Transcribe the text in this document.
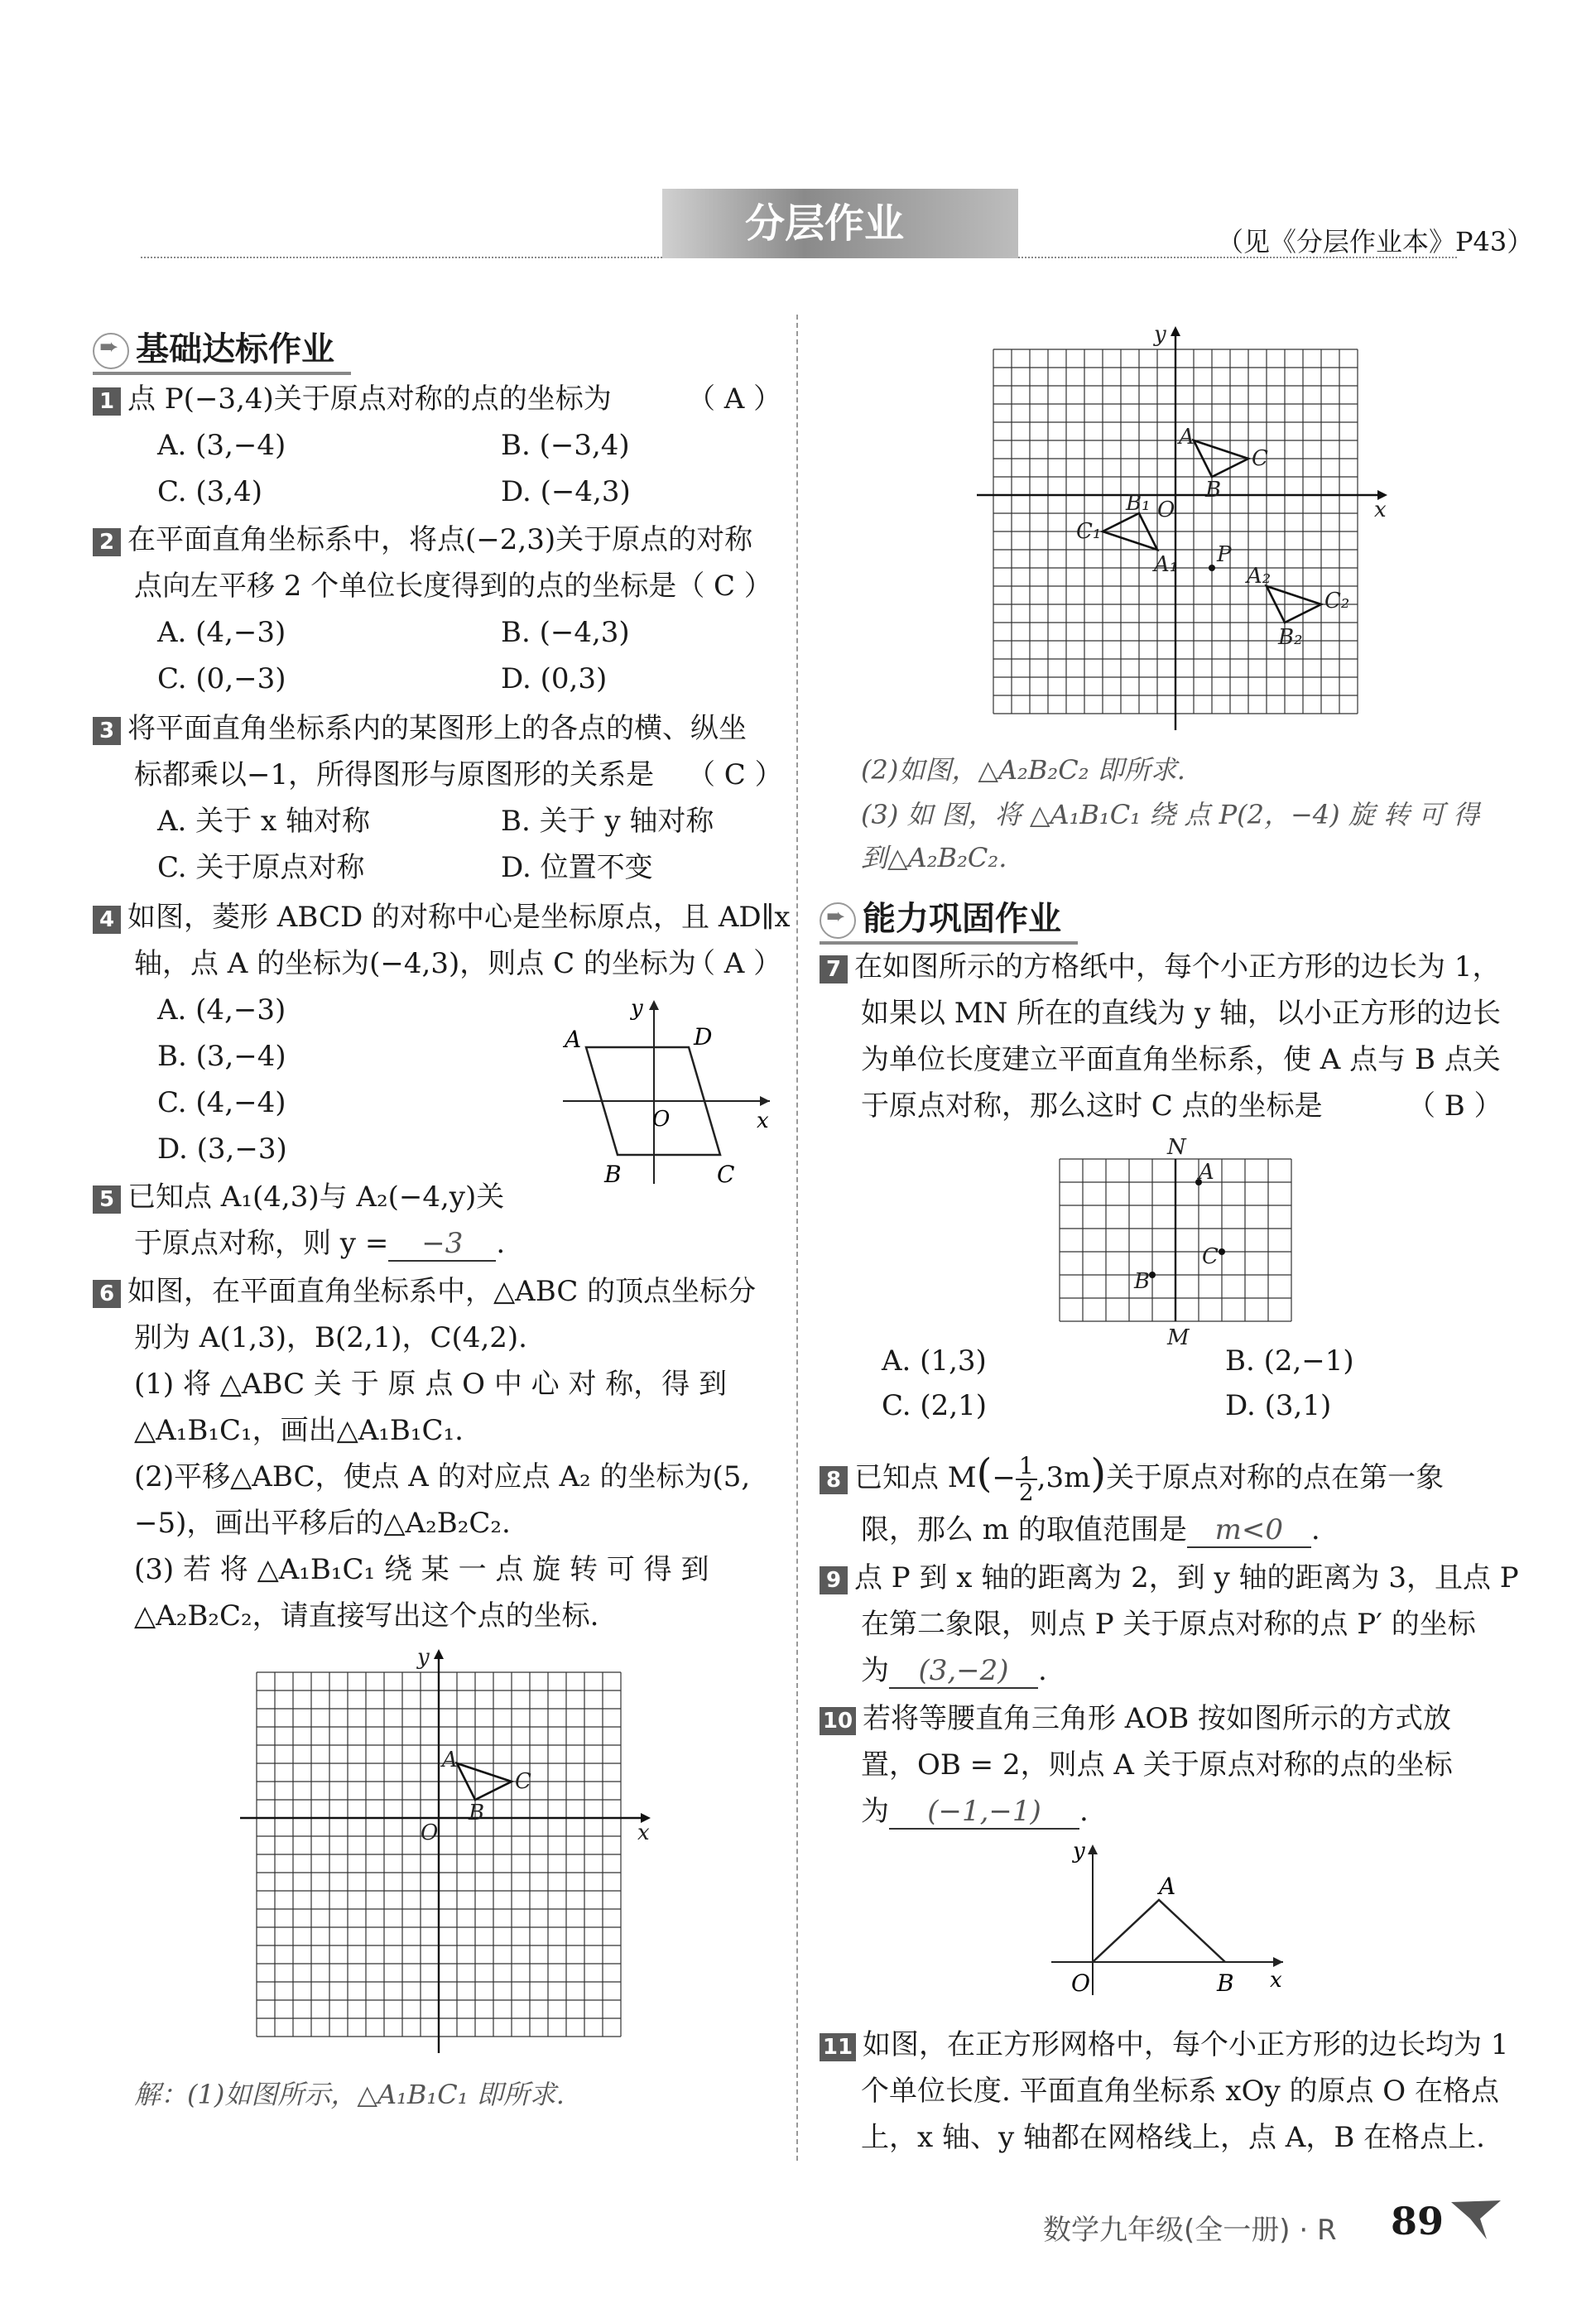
分层作业	（见《分层作业本》P43）
➨基础达标作业
1 点 P(−3,4)关于原点对称的点的坐标为	（ A ）
A. (3,−4)	B. (−3,4)
C. (3,4)	D. (−4,3)
2 在平面直角坐标系中，将点(−2,3)关于原点的对称
点向左平移 2 个单位长度得到的点的坐标是（ C ）
A. (4,−3)	B. (−4,3)
C. (0,−3)	D. (0,3)
3 将平面直角坐标系内的某图形上的各点的横、纵坐
标都乘以−1，所得图形与原图形的关系是 （ C ）
A. 关于 x 轴对称	B. 关于 y 轴对称
C. 关于原点对称	D. 位置不变
4 如图，菱形 ABCD 的对称中心是坐标原点，且 AD∥x
轴，点 A 的坐标为(−4,3)，则点 C 的坐标为
（ A ）
A. (4,−3)
B. (3,−4)
C. (4,−4)
D. (3,−3)
A	D
B	C
O	x
y
5 已知点 A₁(4,3)与 A₂(−4,y)关
于原点对称，则 y = −3 .
6 如图，在平面直角坐标系中，△ABC 的顶点坐标分
别为 A(1,3)，B(2,1)，C(4,2).
(1) 将 △ABC 关 于 原 点 O 中 心 对 称，得 到
△A₁B₁C₁，画出△A₁B₁C₁.
(2)平移△ABC，使点 A 的对应点 A₂ 的坐标为(5,
−5)，画出平移后的△A₂B₂C₂.
(3) 若 将 △A₁B₁C₁ 绕 某 一 点 旋 转 可 得 到
△A₂B₂C₂，请直接写出这个点的坐标.
x
y
O
A
B
C
解：(1)如图所示，△A₁B₁C₁ 即所求.
x
y
O
A
B
C
A₁
B₁
C₁
A₂
B₂
C₂
P
(2)如图，△A₂B₂C₂ 即所求.
(3) 如 图，将 △A₁B₁C₁ 绕 点 P(2，−4) 旋 转 可 得
到△A₂B₂C₂.
➨能力巩固作业
7 在如图所示的方格纸中，每个小正方形的边长为 1，
如果以 MN 所在的直线为 y 轴，以小正方形的边长
为单位长度建立平面直角坐标系，使 A 点与 B 点关
于原点对称，那么这时 C 点的坐标是	（ B ）
N
M
A
B
C
A. (1,3)	B. (2,−1)
C. (2,1)	D. (3,1)
8 已知点 $M(- \frac{1}{2} ,3m)$关于原点对称的点在第一象
限，那么 m 的取值范围是 m<0 .
9 点 P 到 x 轴的距离为 2，到 y 轴的距离为 3，且点 P
在第二象限，则点 P 关于原点对称的点 P′ 的坐标
为 (3,−2) .
10 若将等腰直角三角形 AOB 按如图所示的方式放
置，OB = 2，则点 A 关于原点对称的点的坐标
为 (−1,−1) .
A
B
O	x
y
11 如图，在正方形网格中，每个小正方形的边长均为 1
个单位长度. 平面直角坐标系 xOy 的原点 O 在格点
上，x 轴、y 轴都在网格线上，点 A，B 在格点上.
数学九年级(全一册) · R 89
